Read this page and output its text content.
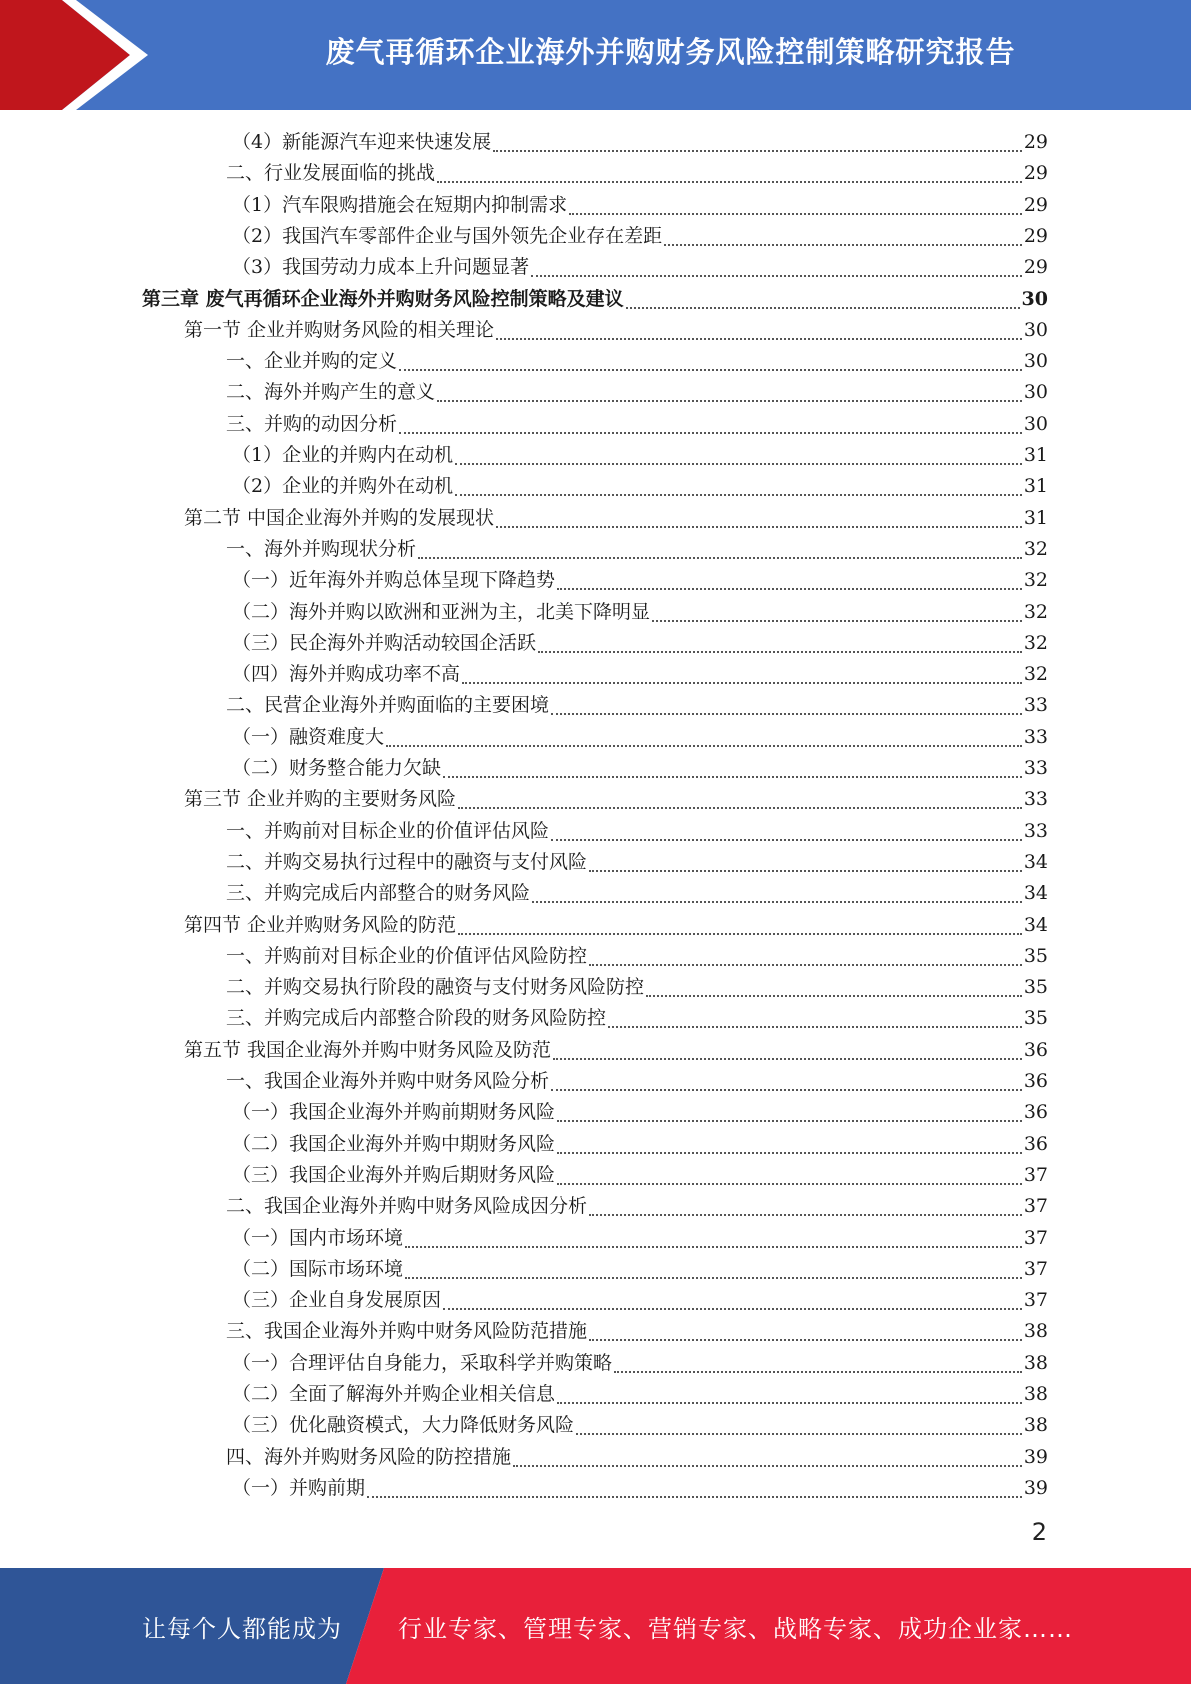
废气再循环企业海外并购财务风险控制策略研究报告
（4）新能源汽车迎来快速发展	29
二、行业发展面临的挑战	29
（1）汽车限购措施会在短期内抑制需求	29
（2）我国汽车零部件企业与国外领先企业存在差距	29
（3）我国劳动力成本上升问题显著	29
第三章 废气再循环企业海外并购财务风险控制策略及建议	30
第一节 企业并购财务风险的相关理论	30
一、企业并购的定义	30
二、海外并购产生的意义	30
三、并购的动因分析	30
（1）企业的并购内在动机	31
（2）企业的并购外在动机	31
第二节 中国企业海外并购的发展现状	31
一、海外并购现状分析	32
（一）近年海外并购总体呈现下降趋势	32
（二）海外并购以欧洲和亚洲为主，北美下降明显	32
（三）民企海外并购活动较国企活跃	32
（四）海外并购成功率不高	32
二、民营企业海外并购面临的主要困境	33
（一）融资难度大	33
（二）财务整合能力欠缺	33
第三节 企业并购的主要财务风险	33
一、并购前对目标企业的价值评估风险	33
二、并购交易执行过程中的融资与支付风险	34
三、并购完成后内部整合的财务风险	34
第四节 企业并购财务风险的防范	34
一、并购前对目标企业的价值评估风险防控	35
二、并购交易执行阶段的融资与支付财务风险防控	35
三、并购完成后内部整合阶段的财务风险防控	35
第五节 我国企业海外并购中财务风险及防范	36
一、我国企业海外并购中财务风险分析	36
（一）我国企业海外并购前期财务风险	36
（二）我国企业海外并购中期财务风险	36
（三）我国企业海外并购后期财务风险	37
二、我国企业海外并购中财务风险成因分析	37
（一）国内市场环境	37
（二）国际市场环境	37
（三）企业自身发展原因	37
三、我国企业海外并购中财务风险防范措施	38
（一）合理评估自身能力，采取科学并购策略	38
（二）全面了解海外并购企业相关信息	38
（三）优化融资模式，大力降低财务风险	38
四、海外并购财务风险的防控措施	39
（一）并购前期	39
2
让每个人都能成为 行业专家、管理专家、营销专家、战略专家、成功企业家……
